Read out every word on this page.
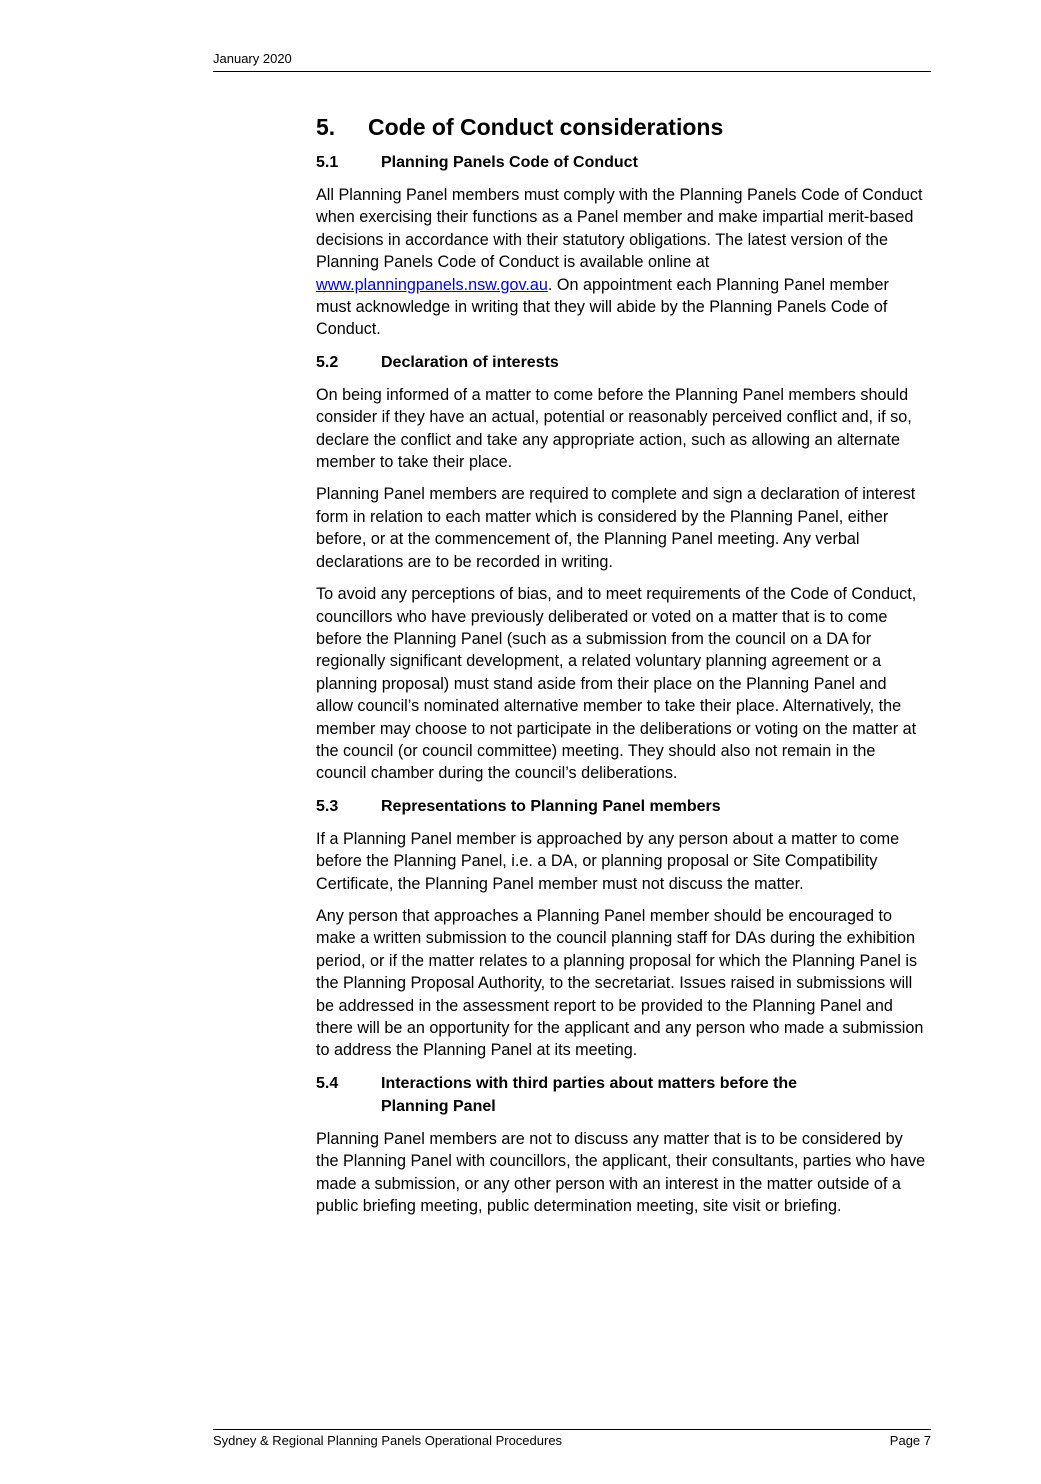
January 2020
5.	Code of Conduct considerations
5.1	Planning Panels Code of Conduct

All Planning Panel members must comply with the Planning Panels Code of Conduct when exercising their functions as a Panel member and make impartial merit-based decisions in accordance with their statutory obligations. The latest version of the Planning Panels Code of Conduct is available online at www.planningpanels.nsw.gov.au. On appointment each Planning Panel member must acknowledge in writing that they will abide by the Planning Panels Code of Conduct.

5.2	Declaration of interests

On being informed of a matter to come before the Planning Panel members should consider if they have an actual, potential or reasonably perceived conflict and, if so, declare the conflict and take any appropriate action, such as allowing an alternate member to take their place.

Planning Panel members are required to complete and sign a declaration of interest form in relation to each matter which is considered by the Planning Panel, either before, or at the commencement of, the Planning Panel meeting. Any verbal declarations are to be recorded in writing.

To avoid any perceptions of bias, and to meet requirements of the Code of Conduct, councillors who have previously deliberated or voted on a matter that is to come before the Planning Panel (such as a submission from the council on a DA for regionally significant development, a related voluntary planning agreement or a planning proposal) must stand aside from their place on the Planning Panel and allow council’s nominated alternative member to take their place. Alternatively, the member may choose to not participate in the deliberations or voting on the matter at the council (or council committee) meeting. They should also not remain in the council chamber during the council’s deliberations.

5.3	Representations to Planning Panel members

If a Planning Panel member is approached by any person about a matter to come before the Planning Panel, i.e. a DA, or planning proposal or Site Compatibility Certificate, the Planning Panel member must not discuss the matter.

Any person that approaches a Planning Panel member should be encouraged to make a written submission to the council planning staff for DAs during the exhibition period, or if the matter relates to a planning proposal for which the Planning Panel is the Planning Proposal Authority, to the secretariat. Issues raised in submissions will be addressed in the assessment report to be provided to the Planning Panel and there will be an opportunity for the applicant and any person who made a submission to address the Planning Panel at its meeting.

5.4	Interactions with third parties about matters before the Planning Panel

Planning Panel members are not to discuss any matter that is to be considered by the Planning Panel with councillors, the applicant, their consultants, parties who have made a submission, or any other person with an interest in the matter outside of a public briefing meeting, public determination meeting, site visit or briefing.

Sydney & Regional Planning Panels Operational Procedures	Page 7
